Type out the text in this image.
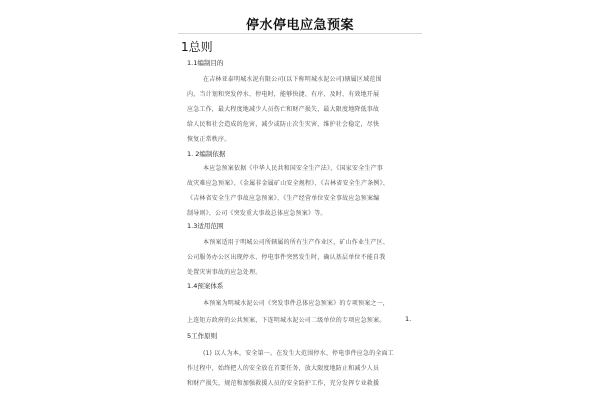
停水停电应急预案
1总则
1.1编制目的
在吉林亚泰明城水泥有限公司(以下称明城水泥公司)辖属区域范围
内，当计划和突发停水、停电时，能够快捷、有序、及时、有效地开展
应急工作，最大程度地减少人员伤亡和财产损失，最大限度地降低事故
给人民和社会造成的危害，减少或防止次生灾害，维护社会稳定，尽快
恢复正常秩序。
1. 2编制依据
本应急预案依据《中华人民共和国安全生产法》、《国家安全生产事
故灾难应急预案》、《金属非金属矿山安全规程》、《吉林省安全生产条例》、
《吉林省安全生产事故应急预案》、《生产经营单位安全事故应急预案编
制导则》、公司《突发重大事故总体应急预案》等。
1.3适用范围
本预案适用于明城公司所辖属的所有生产作业区，矿山作业生产区、
公司服务办公区出现停水、停电事件突然发生时，确认基层单位不能自我
处置灾害事故的应急处理。
1.4预案体系
本预案为明城水泥公司《突发事件总体应急预案》的专项预案之一，
上连矩方政府的公共预案，下连明城水泥公司二级单位的专项应急预案。	1.
5工作原则
(1) 以人为本，安全第一。在发生大范围停水、停电事件应急的全面工
作过程中，始终把人的安全放在首要任务，放大限度地防止和减少人员
和财产损失，规范和加强救援人员的安全防护工作，充分发挥专业救援
